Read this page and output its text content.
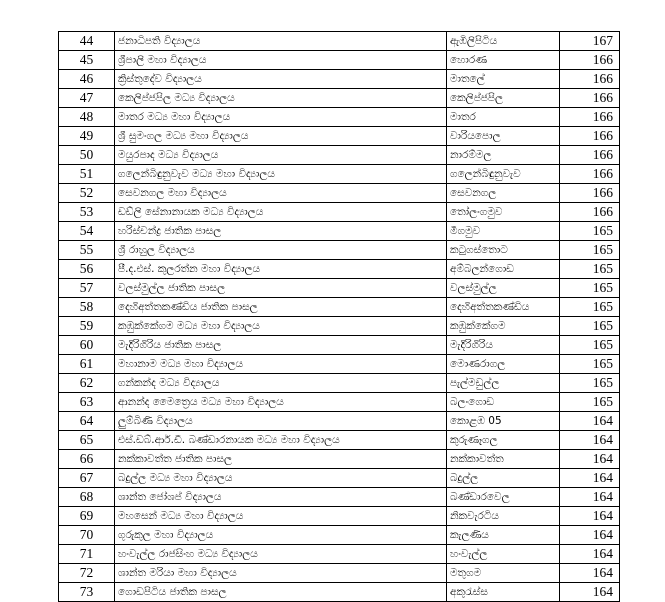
44	ජනාධිපති විද්‍යාලය	ඇඹිලිපිටිය	167
45	ශ්‍රීපාලි මහා විද්‍යාලය	හොරණ	166
46	ක්‍රිස්තුදේව විද්‍යාලය	මාතලේ	166
47	කෙලිප්ජපිල මධ්‍ය විද්‍යාලය	කෙලිප්ජපිල	166
48	මාතර මධ්‍ය මහා විද්‍යාලය	මාතර	166
49	ශ්‍රී සුමංගල මධ්‍ය මහා විද්‍යාලය	වාරියපොල	166
50	මයුරපාද මධ්‍ය විද්‍යාලය	නාරම්මල	166
51	ගලෙන්බිඳුනුවැව මධ්‍ය මහා විද්‍යාලය	ගලෙන්බිඳුනුවැව	166
52	සෙවනගල මහා විද්‍යාලය	සෙවනගල	166
53	ඩඩ්ලි සේනානායක මධ්‍ය විද්‍යාලය	තෝලංගමුව	166
54	හරිස්චන්ද්‍ර ජාතික පාසල	මීගමුව	165
55	ශ්‍රී රාහුල විද්‍යාලය	කටුගස්තොට	165
56	පී.ද.එස්. කුලරත්න මහා විද්‍යාලය	අම්බලන්ගොඩ	165
57	වලස්මුල්ල ජාතික පාසල	වලස්මුල්ල	165
58	දෙහිඅත්තකණ්ඩිය ජාතික පාසල	දෙහිඅත්තකණ්ඩිය	165
59	කඹුක්කේගම මධ්‍ය මහා විද්‍යාලය	කඹුක්කේගම	165
60	මැදිරිගිරිය ජාතික පාසල	මැදිරිගිරිය	165
61	මහානාම මධ්‍ය මහා විද්‍යාලය	මොණරාගල	165
62	ගන්කන්ද මධ්‍ය විද්‍යාලය	පැල්මඩුල්ල	165
63	ආනන්ද මෛත්‍රෙය මධ්‍ය මහා විද්‍යාලය	බලංගොඩ	165
64	ලුම්බිණි විද්‍යාලය	කොළඹ 05	164
65	එස්.ඩබ්.ආර්.ඩී. බණ්ඩාරනායක මධ්‍ය මහා විද්‍යාලය	කුරුණෑගල	164
66	නක්කාවත්ත ජාතික පාසල	නක්කාවත්ත	164
67	බදුල්ල මධ්‍ය මහා විද්‍යාලය	බදුල්ල	164
68	ශාන්ත ජෝශප් විද්‍යාලය	බණ්ඩාරවෙල	164
69	මහසෙන් මධ්‍ය මහා විද්‍යාලය	නිකවැරටිය	164
70	ගුරුකුල මහා විද්‍යාලය	කැලණිය	164
71	හංවැල්ල රාජසිංහ මධ්‍ය විද්‍යාලය	හංවැල්ල	164
72	ශාන්ත මරියා මහා විද්‍යාලය	මතුගම	164
73	ගොඩපිටිය ජාතික පාසල	අකුරැස්ස	164
